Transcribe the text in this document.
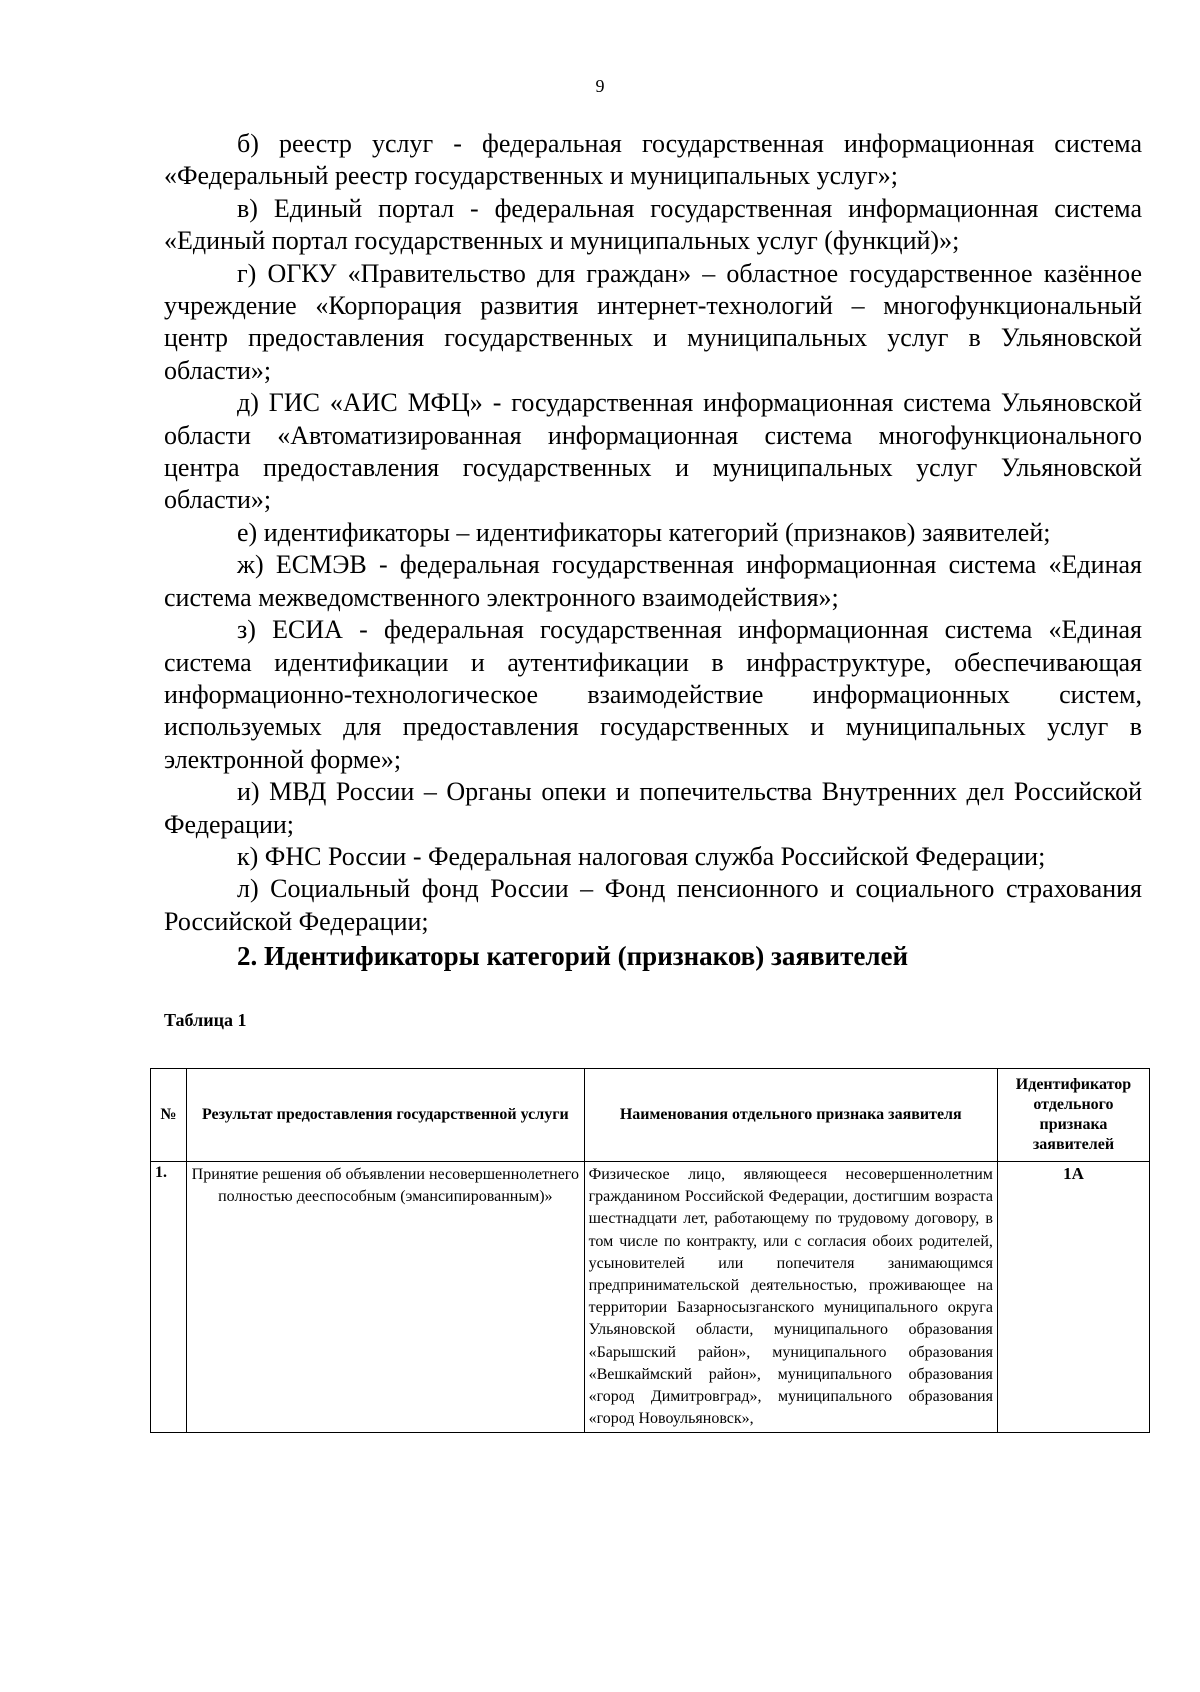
9

б) реестр услуг - федеральная государственная информационная система «Федеральный реестр государственных и муниципальных услуг»;

в) Единый портал - федеральная государственная информационная система «Единый портал государственных и муниципальных услуг (функций)»;

г) ОГКУ «Правительство для граждан» – областное государственное казённое учреждение «Корпорация развития интернет-технологий – многофункциональный центр предоставления государственных и муниципальных услуг в Ульяновской области»;

д) ГИС «АИС МФЦ» - государственная информационная система Ульяновской области «Автоматизированная информационная система многофункционального центра предоставления государственных и муниципальных услуг Ульяновской области»;

е) идентификаторы – идентификаторы категорий (признаков) заявителей;

ж) ЕСМЭВ - федеральная государственная информационная система «Единая система межведомственного электронного взаимодействия»;

з) ЕСИА - федеральная государственная информационная система «Единая система идентификации и аутентификации в инфраструктуре, обеспечивающая информационно-технологическое взаимодействие информационных систем, используемых для предоставления государственных и муниципальных услуг в электронной форме»;

и) МВД России – Органы опеки и попечительства Внутренних дел Российской Федерации;

к) ФНС России - Федеральная налоговая служба Российской Федерации;

л) Социальный фонд России – Фонд пенсионного и социального страхования Российской Федерации;

2. Идентификаторы категорий (признаков) заявителей

Таблица 1
№	Результат предоставления государственной услуги	Наименования отдельного признака заявителя	Идентификатор отдельного признака заявителей
1.	Принятие решения об объявлении несовершеннолетнего полностью дееспособным (эмансипированным)»	Физическое лицо, являющееся несовершеннолетним гражданином Российской Федерации, достигшим возраста шестнадцати лет, работающему по трудовому договору, в том числе по контракту, или с согласия обоих родителей, усыновителей или попечителя занимающимся предпринимательской деятельностью, проживающее на территории Базарносызганского муниципального округа Ульяновской области, муниципального образования «Барышский район», муниципального образования «Вешкаймский район», муниципального образования «город Димитровград», муниципального образования «город Новоульяновск»,	1А
